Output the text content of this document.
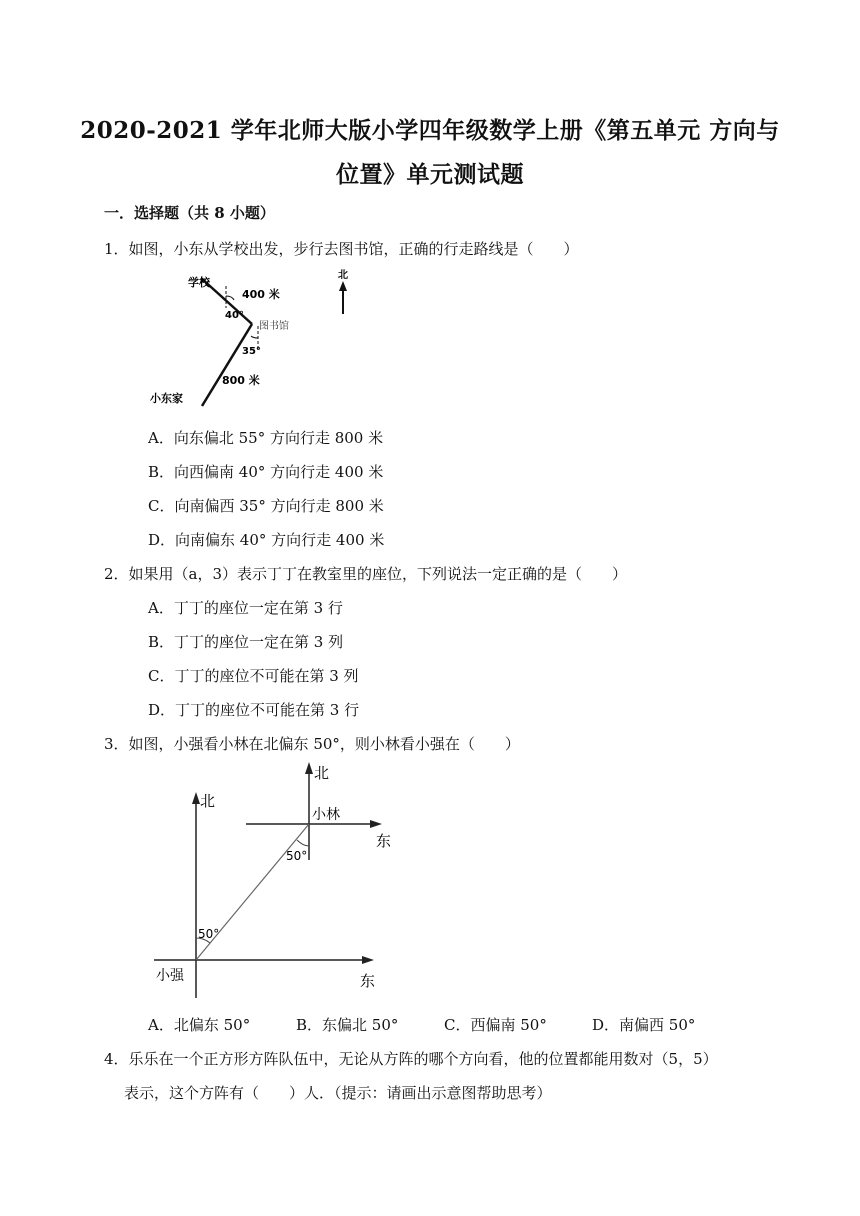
2020-2021 学年北师大版小学四年级数学上册《第五单元 方向与
位置》单元测试题
一．选择题（共 8 小题）
1．如图，小东从学校出发，步行去图书馆，正确的行走路线是（　　）
学校
400 米
40°
图书馆
35°
800 米
小东家
北
A．向东偏北 55° 方向行走 800 米
B．向西偏南 40° 方向行走 400 米
C．向南偏西 35° 方向行走 800 米
D．向南偏东 40° 方向行走 400 米
2．如果用（a，3）表示丁丁在教室里的座位，下列说法一定正确的是（　　）
A．丁丁的座位一定在第 3 行
B．丁丁的座位一定在第 3 列
C．丁丁的座位不可能在第 3 列
D．丁丁的座位不可能在第 3 行
3．如图，小强看小林在北偏东 50°，则小林看小强在（　　）
北
北
小林
东
50°
50°
小强	东
A．北偏东 50°	B．东偏北 50°	C．西偏南 50°	D．南偏西 50°
4．乐乐在一个正方形方阵队伍中，无论从方阵的哪个方向看，他的位置都能用数对（5，5）
表示，这个方阵有（　　）人．（提示：请画出示意图帮助思考）
